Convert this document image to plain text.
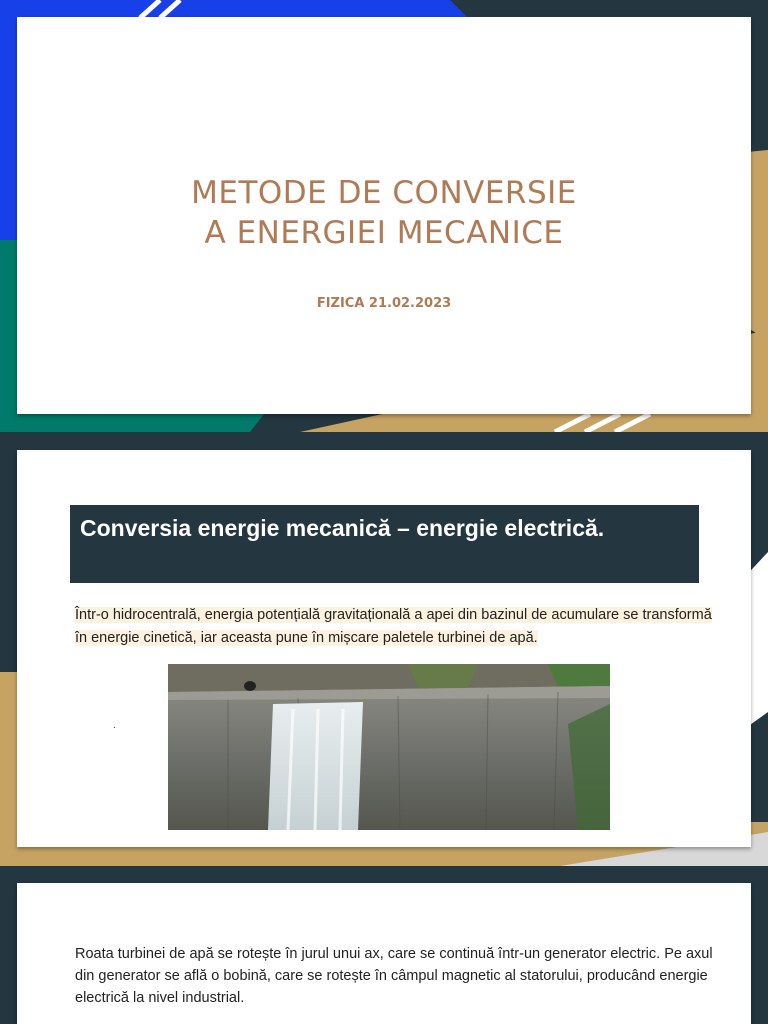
METODE DE CONVERSIE
A ENERGIEI MECANICE
FIZICA 21.02.2023
Conversia energie mecanică – energie electrică.
Într-o hidrocentrală, energia potențială gravitațională a apei din bazinul de acumulare se transformă în energie cinetică, iar aceasta pune în mișcare paletele turbinei de apă.
.
Roata turbinei de apă se rotește în jurul unui ax, care se continuă într-un generator electric. Pe axul din generator se află o bobină, care se rotește în câmpul magnetic al statorului, producând energie electrică la nivel industrial.
